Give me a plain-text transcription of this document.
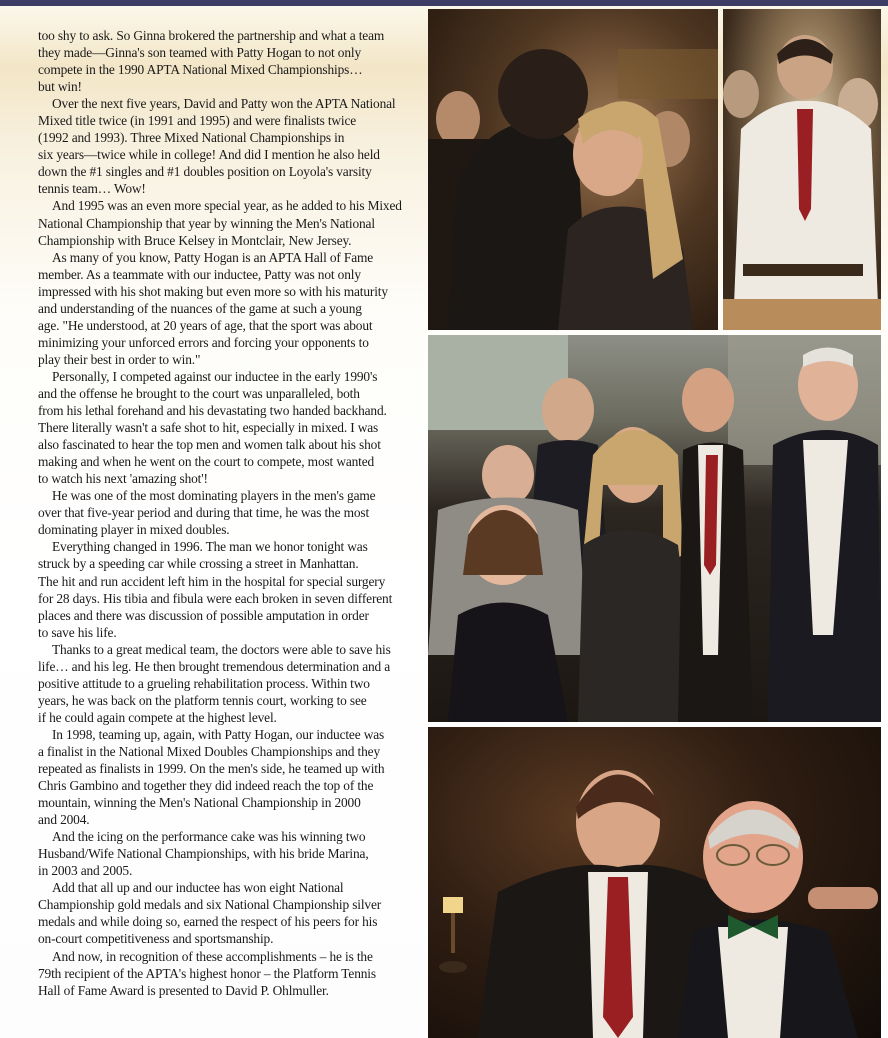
too shy to ask. So Ginna brokered the partnership and what a team
they made—Ginna's son teamed with Patty Hogan to not only
compete in the 1990 APTA National Mixed Championships…
but win!

Over the next five years, David and Patty won the APTA National
Mixed title twice (in 1991 and 1995) and were finalists twice
(1992 and 1993). Three Mixed National Championships in
six years—twice while in college! And did I mention he also held
down the #1 singles and #1 doubles position on Loyola's varsity
tennis team… Wow!

And 1995 was an even more special year, as he added to his Mixed
National Championship that year by winning the Men's National
Championship with Bruce Kelsey in Montclair, New Jersey.

As many of you know, Patty Hogan is an APTA Hall of Fame
member. As a teammate with our inductee, Patty was not only
impressed with his shot making but even more so with his maturity
and understanding of the nuances of the game at such a young
age. "He understood, at 20 years of age, that the sport was about
minimizing your unforced errors and forcing your opponents to
play their best in order to win."

Personally, I competed against our inductee in the early 1990's
and the offense he brought to the court was unparalleled, both
from his lethal forehand and his devastating two handed backhand.
There literally wasn't a safe shot to hit, especially in mixed. I was
also fascinated to hear the top men and women talk about his shot
making and when he went on the court to compete, most wanted
to watch his next 'amazing shot'!

He was one of the most dominating players in the men's game
over that five-year period and during that time, he was the most
dominating player in mixed doubles.

Everything changed in 1996. The man we honor tonight was
struck by a speeding car while crossing a street in Manhattan.
The hit and run accident left him in the hospital for special surgery
for 28 days. His tibia and fibula were each broken in seven different
places and there was discussion of possible amputation in order
to save his life.

Thanks to a great medical team, the doctors were able to save his
life… and his leg. He then brought tremendous determination and a
positive attitude to a grueling rehabilitation process. Within two
years, he was back on the platform tennis court, working to see
if he could again compete at the highest level.

In 1998, teaming up, again, with Patty Hogan, our inductee was
a finalist in the National Mixed Doubles Championships and they
repeated as finalists in 1999. On the men's side, he teamed up with
Chris Gambino and together they did indeed reach the top of the
mountain, winning the Men's National Championship in 2000
and 2004.

And the icing on the performance cake was his winning two
Husband/Wife National Championships, with his bride Marina,
in 2003 and 2005.

Add that all up and our inductee has won eight National
Championship gold medals and six National Championship silver
medals and while doing so, earned the respect of his peers for his
on-court competitiveness and sportsmanship.

And now, in recognition of these accomplishments – he is the
79th recipient of the APTA's highest honor – the Platform Tennis
Hall of Fame Award is presented to David P. Ohlmuller.
